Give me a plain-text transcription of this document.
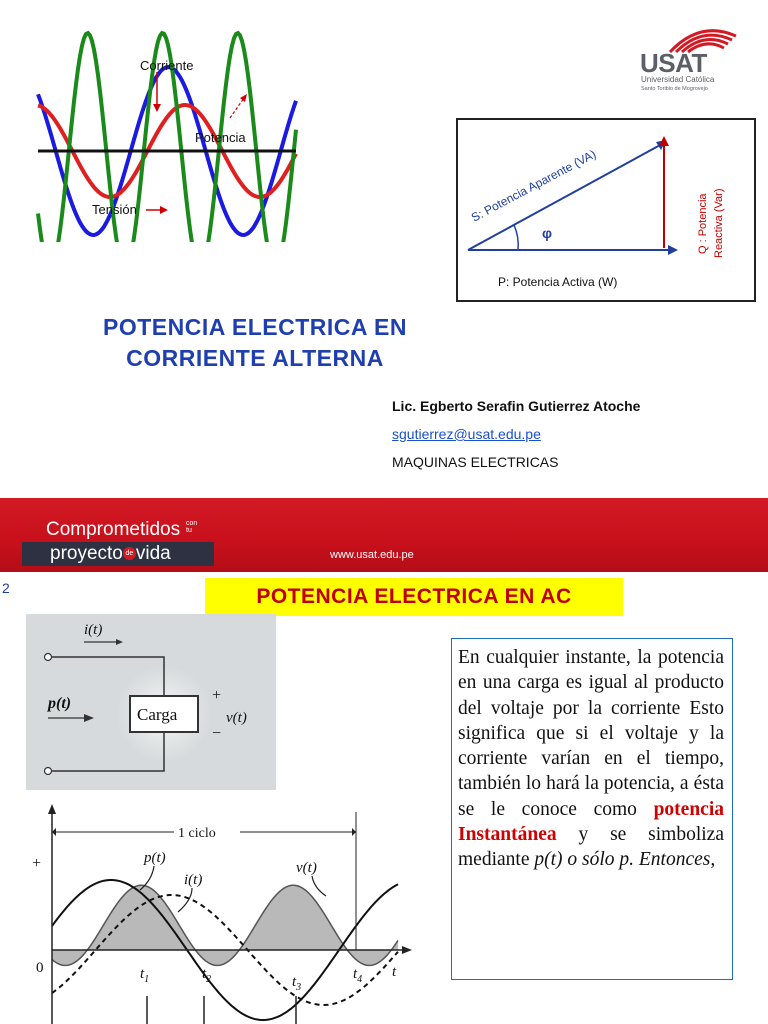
Corriente
Potencia
Tensión
USAT
Universidad Católica
Santo Toribio de Mogrovejo
φ
S: Potencia Aparente (VA)
P: Potencia Activa (W)
Q : Potencia Reactiva (Var)
POTENCIA ELECTRICA EN
CORRIENTE ALTERNA
Lic. Egberto Serafin Gutierrez Atoche
sgutierrez@usat.edu.pe
MAQUINAS ELECTRICAS
Comprometidos con
tu
proyecto de vida	www.usat.edu.pe
2	POTENCIA ELECTRICA EN AC
i(t)
p(t)
Carga
+
v(t)
−
En cualquier instante, la potencia en una carga es igual al producto del voltaje por la corriente Esto significa que si el voltaje y la corriente varían en el tiempo, también lo hará la potencia, a ésta se le conoce como potencia Instantánea y se simboliza mediante p(t) o sólo p. Entonces,
1 ciclo
+
0	t
p(t)
i(t)
v(t)
$t_1$	$t_2$	$t_3$
$t_4$
